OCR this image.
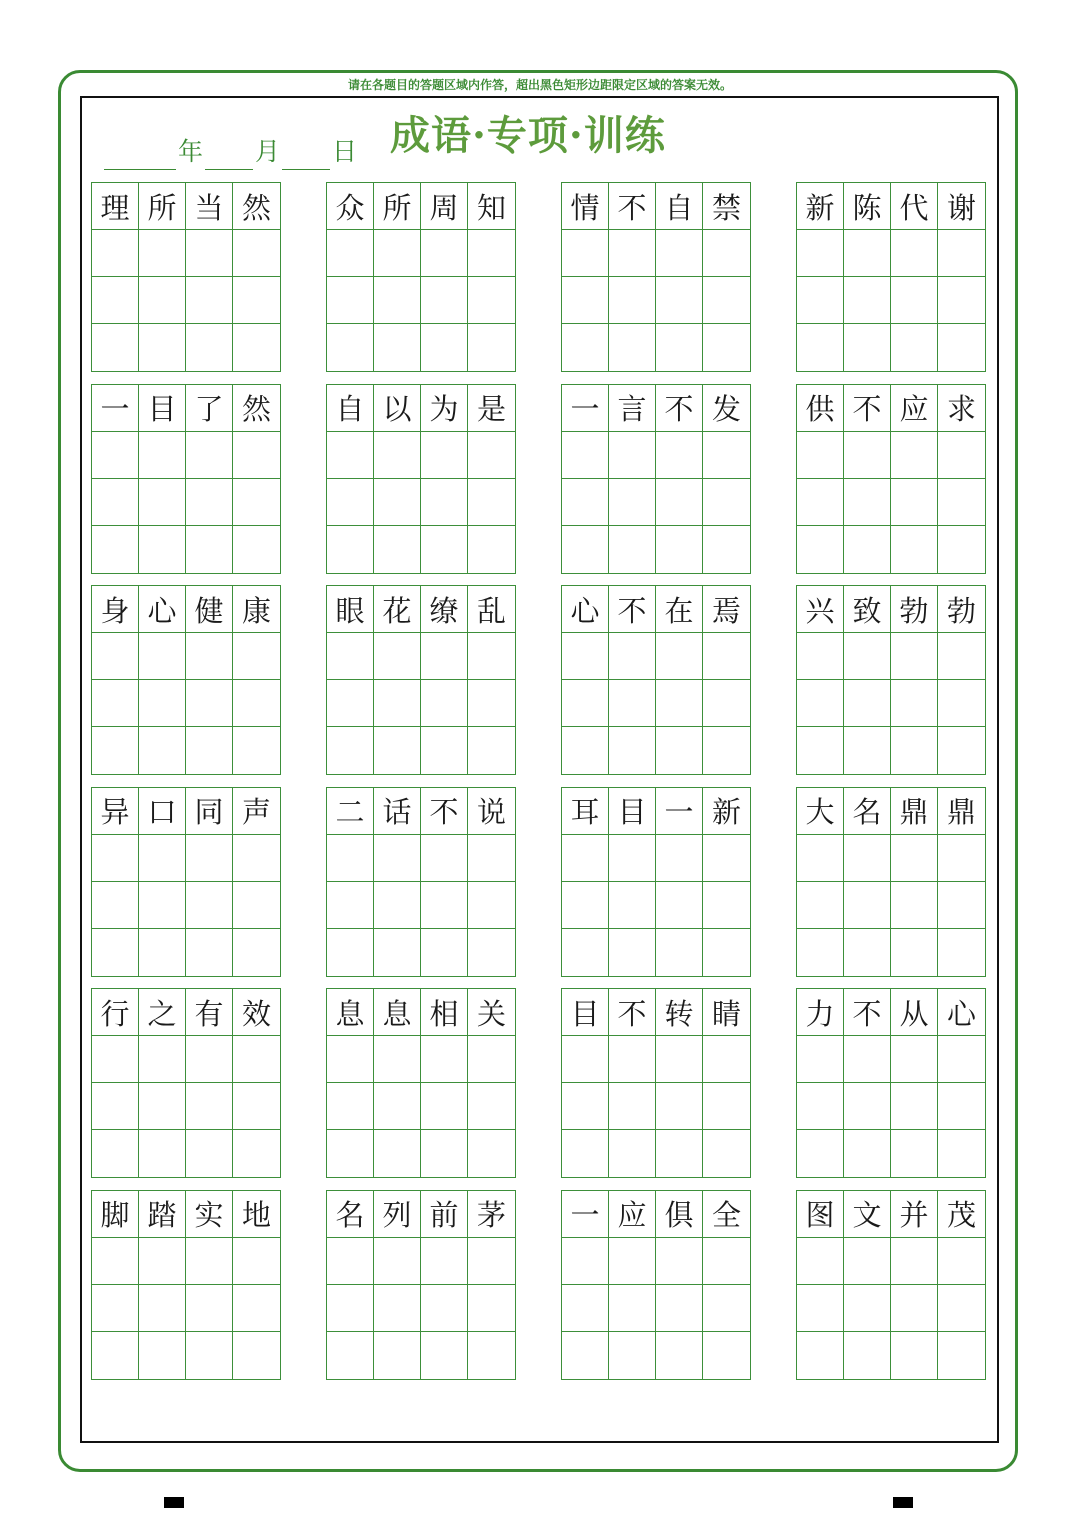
请在各题目的答题区域内作答，超出黑色矩形边距限定区域的答案无效。
年 月 日 成语·专项·训练
理 所 当 然	众 所 周 知	情 不 自 禁	新 陈 代 谢
一 目 了 然	自 以 为 是	一 言 不 发	供 不 应 求
身 心 健 康	眼 花 缭 乱	心 不 在 焉	兴 致 勃 勃
异 口 同 声	二 话 不 说	耳 目 一 新	大 名 鼎 鼎
行 之 有 效	息 息 相 关	目 不 转 睛	力 不 从 心
脚 踏 实 地	名 列 前 茅	一 应 俱 全	图 文 并 茂
